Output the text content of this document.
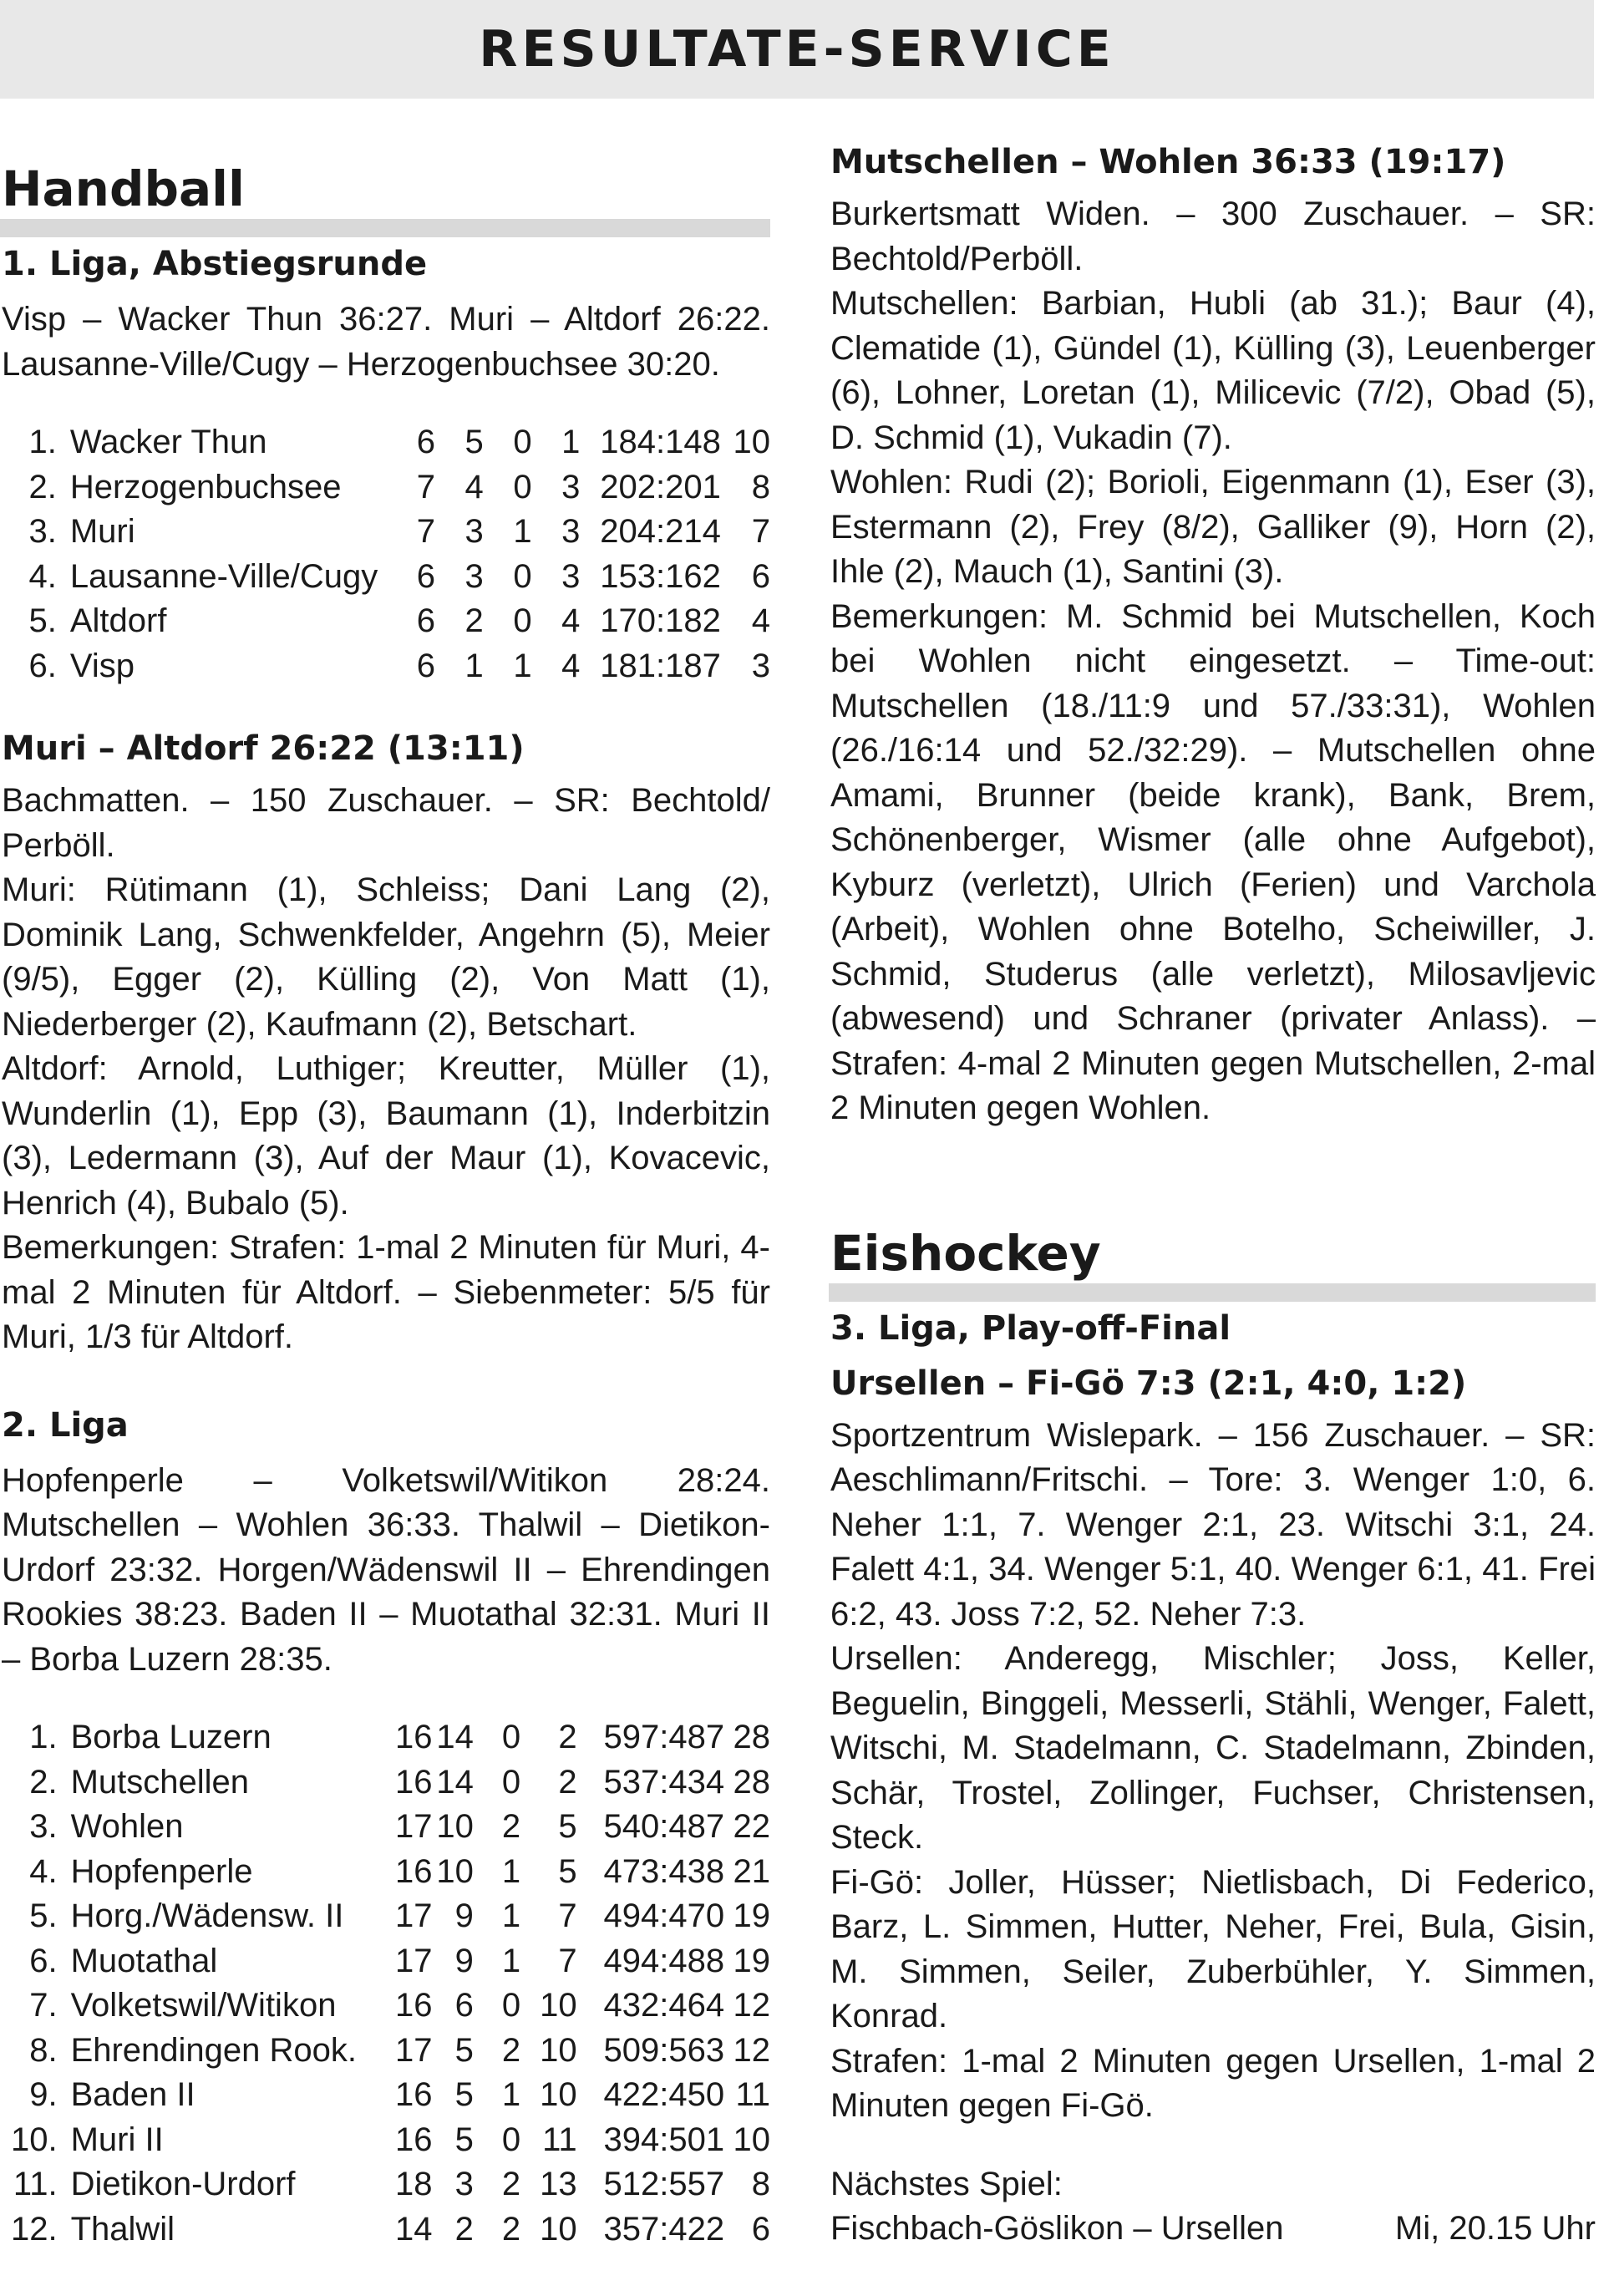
RESULTATE-SERVICE
Handball
1. Liga, Abstiegsrunde

Visp – Wacker Thun 36:27. Muri – Altdorf 26:22. Lausanne-Ville/Cugy – Herzogenbuchsee 30:20.

1.	Wacker Thun	6	5	0	1	184:148	10
2.	Herzogenbuchsee	7	4	0	3	202:201	8
3.	Muri	7	3	1	3	204:214	7
4.	Lausanne-Ville/Cugy	6	3	0	3	153:162	6
5.	Altdorf	6	2	0	4	170:182	4
6.	Visp	6	1	1	4	181:187	3
Muri – Altdorf 26:22 (13:11)

Bachmatten. – 150 Zuschauer. – SR: Bechtold/ Perböll.

Muri: Rütimann (1), Schleiss; Dani Lang (2), Dominik Lang, Schwenkfelder, Angehrn (5), Meier (9/5), Egger (2), Külling (2), Von Matt (1), Niederberger (2), Kaufmann (2), Betschart.

Altdorf: Arnold, Luthiger; Kreutter, Müller (1), Wunderlin (1), Epp (3), Baumann (1), Inderbitzin (3), Ledermann (3), Auf der Maur (1), Kovacevic, Henrich (4), Bubalo (5).

Bemerkungen: Strafen: 1-mal 2 Minuten für Muri, 4-mal 2 Minuten für Altdorf. – Siebenmeter: 5/5 für Muri, 1/3 für Altdorf.

2. Liga

Hopfenperle – Volketswil/Witikon 28:24. Mutschellen – Wohlen 36:33. Thalwil – Dietikon-Urdorf 23:32. Horgen/Wädenswil II – Ehrendingen Rookies 38:23. Baden II – Muotathal 32:31. Muri II – Borba Luzern 28:35.

1.	Borba Luzern	16	14	0	2	597:487	28
2.	Mutschellen	16	14	0	2	537:434	28
3.	Wohlen	17	10	2	5	540:487	22
4.	Hopfenperle	16	10	1	5	473:438	21
5.	Horg./Wädensw. II	17	9	1	7	494:470	19
6.	Muotathal	17	9	1	7	494:488	19
7.	Volketswil/Witikon	16	6	0	10	432:464	12
8.	Ehrendingen Rook.	17	5	2	10	509:563	12
9.	Baden II	16	5	1	10	422:450	11
10.	Muri II	16	5	0	11	394:501	10
11.	Dietikon-Urdorf	18	3	2	13	512:557	8
12.	Thalwil	14	2	2	10	357:422	6
Mutschellen – Wohlen 36:33 (19:17)

Burkertsmatt Widen. – 300 Zuschauer. – SR: Bechtold/Perböll.

Mutschellen: Barbian, Hubli (ab 31.); Baur (4), Clematide (1), Gündel (1), Külling (3), Leuenberger (6), Lohner, Loretan (1), Milicevic (7/2), Obad (5), D. Schmid (1), Vukadin (7).

Wohlen: Rudi (2); Borioli, Eigenmann (1), Eser (3), Estermann (2), Frey (8/2), Galliker (9), Horn (2), Ihle (2), Mauch (1), Santini (3).

Bemerkungen: M. Schmid bei Mutschellen, Koch bei Wohlen nicht eingesetzt. – Time-out: Mutschellen (18./11:9 und 57./33:31), Wohlen (26./16:14 und 52./32:29). – Mutschellen ohne Amami, Brunner (beide krank), Bank, Brem, Schönenberger, Wismer (alle ohne Aufgebot), Kyburz (verletzt), Ulrich (Ferien) und Varchola (Arbeit), Wohlen ohne Botelho, Scheiwiller, J. Schmid, Studerus (alle verletzt), Milosavljevic (abwesend) und Schraner (privater Anlass). – Strafen: 4-mal 2 Minuten gegen Mutschellen, 2-mal 2 Minuten gegen Wohlen.

Eishockey
3. Liga, Play-off-Final
Ursellen – Fi-Gö 7:3 (2:1, 4:0, 1:2)

Sportzentrum Wislepark. – 156 Zuschauer. – SR: Aeschlimann/Fritschi. – Tore: 3. Wenger 1:0, 6. Neher 1:1, 7. Wenger 2:1, 23. Witschi 3:1, 24. Falett 4:1, 34. Wenger 5:1, 40. Wenger 6:1, 41. Frei 6:2, 43. Joss 7:2, 52. Neher 7:3.

Ursellen: Anderegg, Mischler; Joss, Keller, Beguelin, Binggeli, Messerli, Stähli, Wenger, Falett, Witschi, M. Stadelmann, C. Stadelmann, Zbinden, Schär, Trostel, Zollinger, Fuchser, Christensen, Steck.

Fi-Gö: Joller, Hüsser; Nietlisbach, Di Federico, Barz, L. Simmen, Hutter, Neher, Frei, Bula, Gisin, M. Simmen, Seiler, Zuberbühler, Y. Simmen, Konrad.

Strafen: 1-mal 2 Minuten gegen Ursellen, 1-mal 2 Minuten gegen Fi-Gö.

Nächstes Spiel:

Fischbach-Göslikon – Ursellen	Mi, 20.15 Uhr
